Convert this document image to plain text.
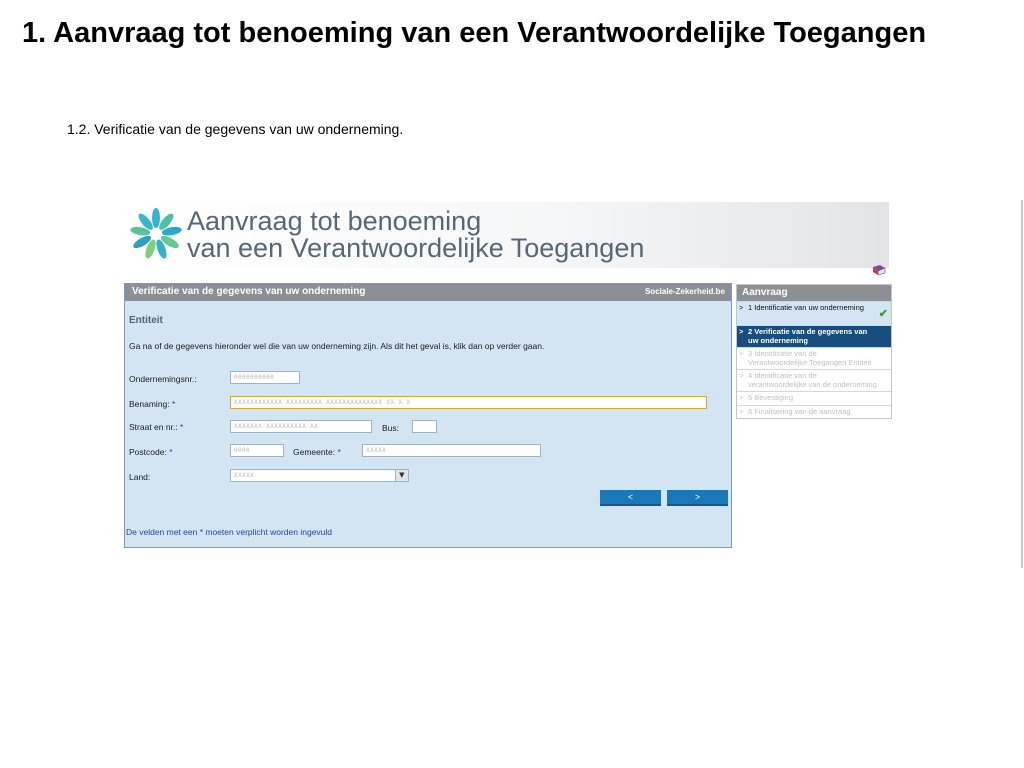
1. Aanvraag tot benoeming van een Verantwoordelijke Toegangen
1.2. Verificatie van de gegevens van uw onderneming.
Aanvraag tot benoeming
van een Verantwoordelijke Toegangen
Verificatie van de gegevens van uw onderneming	Sociale-Zekerheid.be
Entiteit
Ga na of de gegevens hieronder wel die van uw onderneming zijn. Als dit het geval is, klik dan op verder gaan.
Ondernemingsnr.:	0000000000
Benaming: *	XXXXXXXXXXXX XXXXXXXXX XXXXXXXXXXXXXX XX X X
Straat en nr.: *	XXXXXXX XXXXXXXXXX XX	Bus:
Postcode: *	0000	Gemeente: *	XXXXX
Land:	XXXXX	▼
<	>
De velden met een * moeten verplicht worden ingevuld
Aanvraag
> 1 Identificatie van uw onderneming
✔
> 2 Verificatie van de gegevens van uw onderneming
> 3 Identificatie van de Verantwoordelijke Toegangen Entiteit
> 4 Identificatie van de verantwoordelijke van de onderneming
> 5 Bevestiging
> 6 Finalisering van de aanvraag
